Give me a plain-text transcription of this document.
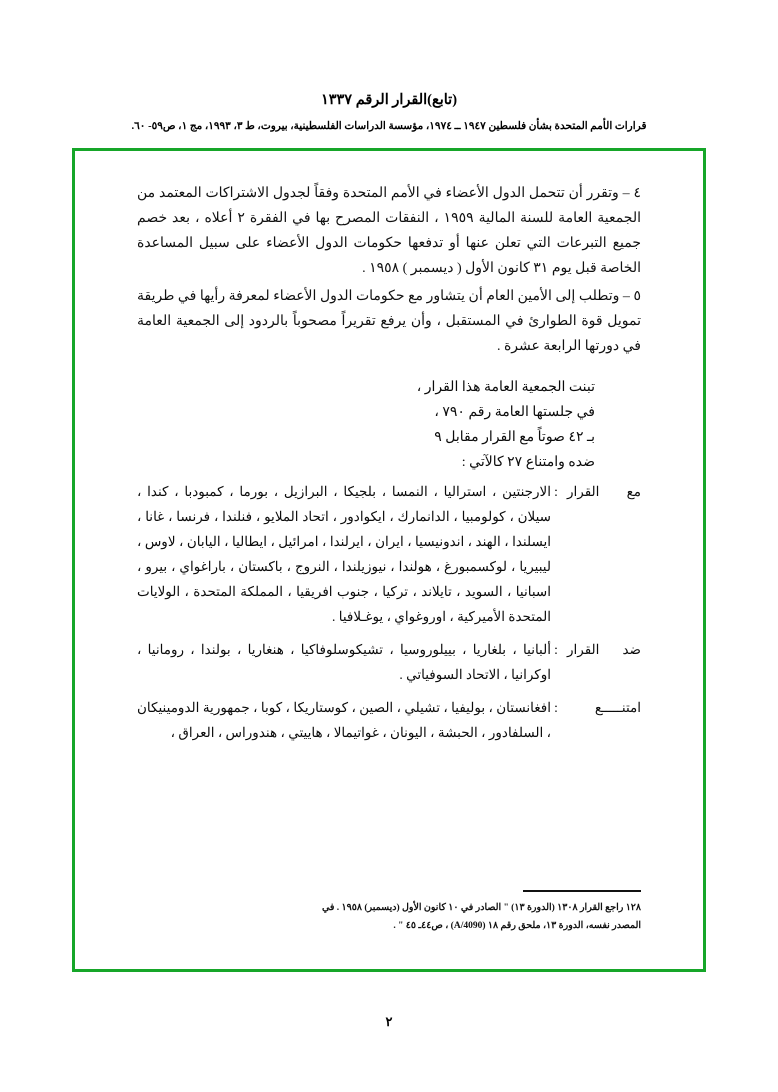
(تابع)القرار الرقم ١٣٣٧
قرارات الأمم المتحدة بشأن فلسطين ١٩٤٧ ــ ١٩٧٤، مؤسسة الدراسات الفلسطينية، بيروت، ط ٣، ١٩٩٣، مج ١، ص٥٩- ٦٠.

٤ – وتقرر أن تتحمل الدول الأعضاء في الأمم المتحدة وفقاً لجدول الاشتراكات المعتمد من الجمعية العامة للسنة المالية ١٩٥٩ ، النفقات المصرح بها في الفقرة ٢ أعلاه ، بعد خصم جميع التبرعات التي تعلن عنها أو تدفعها حكومات الدول الأعضاء على سبيل المساعدة الخاصة قبل يوم ٣١ كانون الأول ( ديسمبر ) ١٩٥٨ .

٥ – وتطلب إلى الأمين العام أن يتشاور مع حكومات الدول الأعضاء لمعرفة رأيها في طريقة تمويل قوة الطوارئ في المستقبل ، وأن يرفع تقريراً مصحوباً بالردود إلى الجمعية العامة في دورتها الرابعة عشرة .

تبنت الجمعية العامة هذا القرار ،

في جلستها العامة رقم ٧٩٠ ،

بـ ٤٢ صوتاً مع القرار مقابل ٩

ضده وامتناع ٢٧ كالآتي :

مع القرار
:
الارجنتين ، استراليا ، النمسا ، بلجيكا ، البرازيل ، بورما ، كمبودبا ، كندا ، سيلان ، كولومبيا ، الدانمارك ، ايكوادور ، اتحاد الملايو ، فنلندا ، فرنسا ، غانا ، ايسلندا ، الهند ، اندونيسيا ، ايران ، ايرلندا ، امرائيل ، ايطاليا ، اليابان ، لاوس ، ليبيريا ، لوكسمبورغ ، هولندا ، نيوزيلندا ، النروج ، باكستان ، باراغواي ، بيرو ، اسبانيا ، السويد ، تايلاند ، تركيا ، جنوب افريقيا ، المملكة المتحدة ، الولايات المتحدة الأميركية ، اوروغواي ، يوغـلافيا .
ضد القرار
:
ألبانيا ، بلغاريا ، بييلوروسيا ، تشيكوسلوفاكيا ، هنغاريا ، بولندا ، رومانيا ، اوكرانيا ، الاتحاد السوفياتي .
امتنـــــع
:
افغانستان ، بوليفيا ، تشيلي ، الصين ، كوستاريكا ، كوبا ، جمهورية الدومينيكان ، السلفادور ، الحبشة ، اليونان ، غواتيمالا ، هاييتي ، هندوراس ، العراق ،

١٢٨ راجع القرار ١٣٠٨ (الدورة ١٣) " الصادر في ١٠ كانون الأول (ديسمبر) ١٩٥٨ . في

المصدر نفسه، الدورة ١٣، ملحق رقم ١٨ (A/4090) ، ص٤٤ـ ٤٥ " .

٢
